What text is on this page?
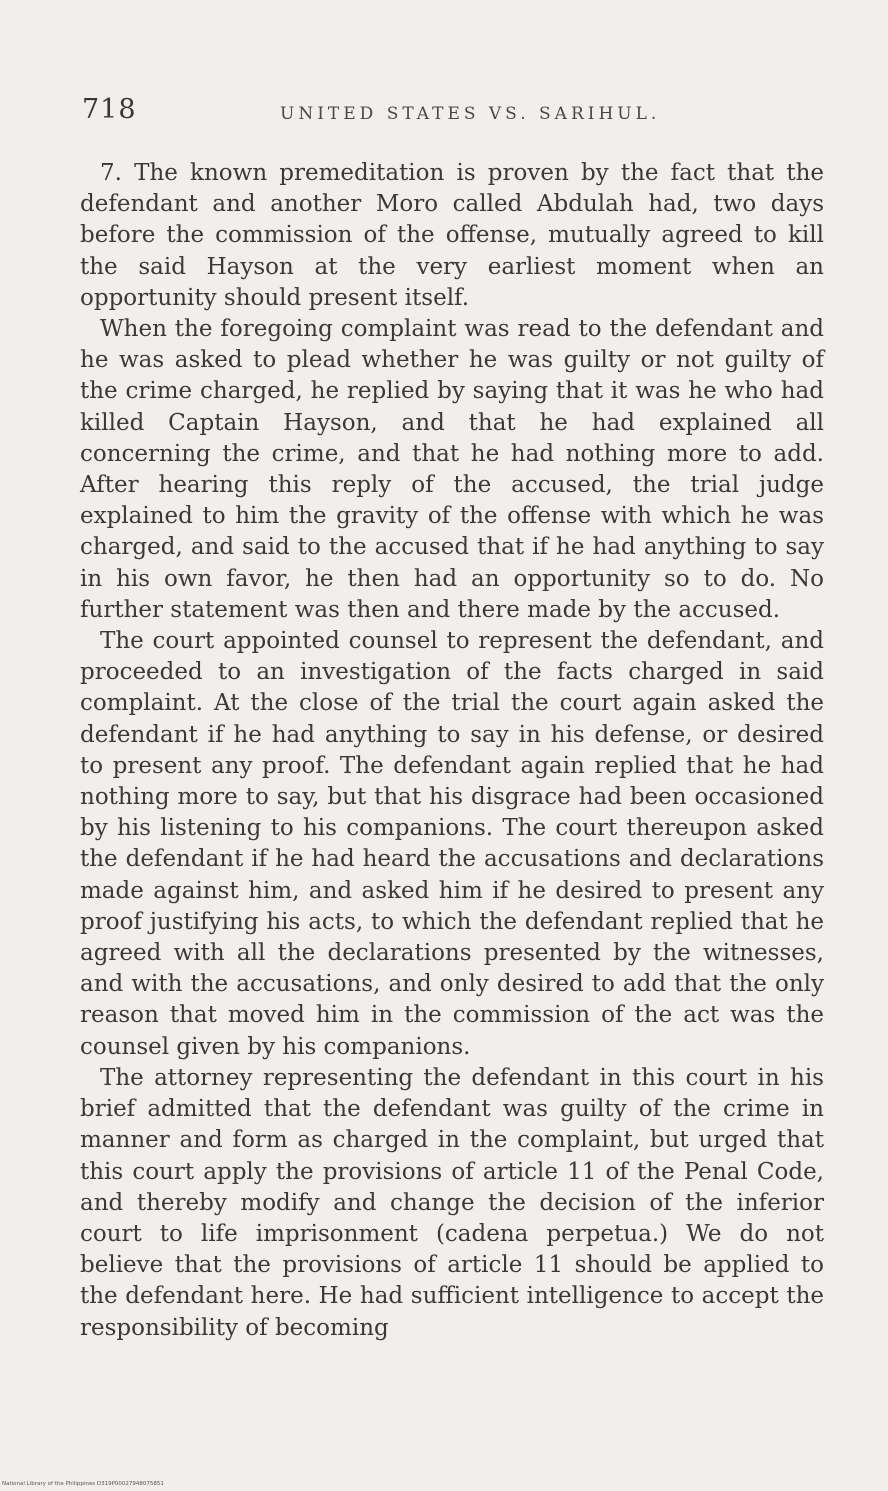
718	UNITED STATES VS. SARIHUL.

7. The known premeditation is proven by the fact that the defendant and another Moro called Abdulah had, two days before the commission of the offense, mutually agreed to kill the said Hayson at the very earliest moment when an opportunity should present itself.

When the foregoing complaint was read to the defendant and he was asked to plead whether he was guilty or not guilty of the crime charged, he replied by saying that it was he who had killed Captain Hayson, and that he had explained all concerning the crime, and that he had nothing more to add. After hearing this reply of the accused, the trial judge explained to him the gravity of the offense with which he was charged, and said to the accused that if he had anything to say in his own favor, he then had an opportunity so to do. No further statement was then and there made by the accused.

The court appointed counsel to represent the defendant, and proceeded to an investigation of the facts charged in said complaint. At the close of the trial the court again asked the defendant if he had anything to say in his defense, or desired to present any proof. The defendant again replied that he had nothing more to say, but that his disgrace had been occasioned by his listening to his companions. The court thereupon asked the defendant if he had heard the accusations and declarations made against him, and asked him if he desired to present any proof justifying his acts, to which the defendant replied that he agreed with all the declarations presented by the witnesses, and with the accusations, and only desired to add that the only reason that moved him in the commission of the act was the counsel given by his companions.

The attorney representing the defendant in this court in his brief admitted that the defendant was guilty of the crime in manner and form as charged in the complaint, but urged that this court apply the provisions of article 11 of the Penal Code, and thereby modify and change the decision of the inferior court to life imprisonment (cadena perpetua.) We do not believe that the provisions of article 11 should be applied to the defendant here. He had sufficient intelligence to accept the responsibility of becoming

National Library of the Philippines D319P00027948075851
